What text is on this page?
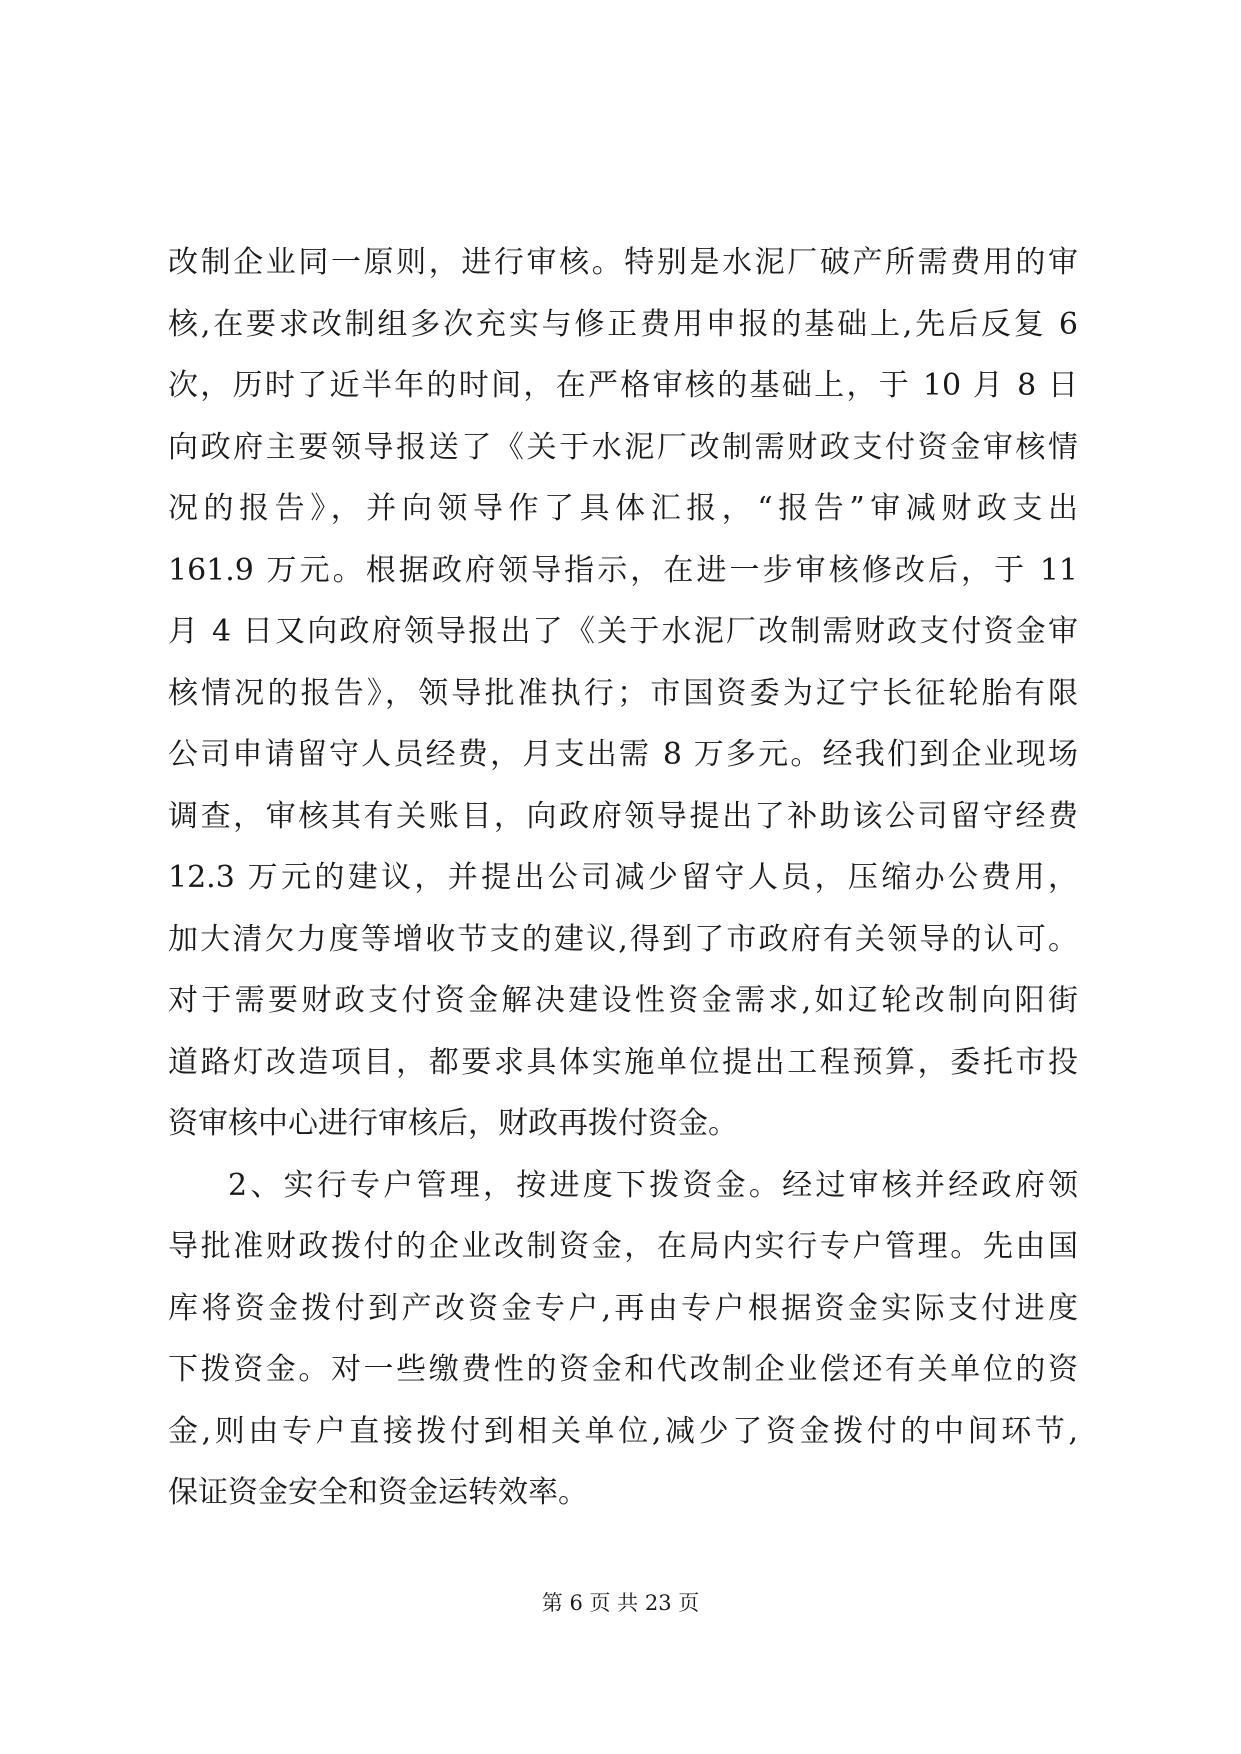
改制企业同一原则，进行审核。特别是水泥厂破产所需费用的审
核,在要求改制组多次充实与修正费用申报的基础上,先后反复 6
次，历时了近半年的时间，在严格审核的基础上，于 10 月 8 日
向政府主要领导报送了《关于水泥厂改制需财政支付资金审核情
况的报告》，并向领导作了具体汇报，“报告”审减财政支出
161.9 万元。根据政府领导指示，在进一步审核修改后，于 11
月 4 日又向政府领导报出了《关于水泥厂改制需财政支付资金审
核情况的报告》，领导批准执行；市国资委为辽宁长征轮胎有限
公司申请留守人员经费，月支出需 8 万多元。经我们到企业现场
调查，审核其有关账目，向政府领导提出了补助该公司留守经费
12.3 万元的建议，并提出公司减少留守人员，压缩办公费用，
加大清欠力度等增收节支的建议,得到了市政府有关领导的认可。
对于需要财政支付资金解决建设性资金需求,如辽轮改制向阳街
道路灯改造项目，都要求具体实施单位提出工程预算，委托市投
资审核中心进行审核后，财政再拨付资金。
2、实行专户管理，按进度下拨资金。经过审核并经政府领
导批准财政拨付的企业改制资金，在局内实行专户管理。先由国
库将资金拨付到产改资金专户,再由专户根据资金实际支付进度
下拨资金。对一些缴费性的资金和代改制企业偿还有关单位的资
金,则由专户直接拨付到相关单位,减少了资金拨付的中间环节,
保证资金安全和资金运转效率。
第 6 页 共 23 页
